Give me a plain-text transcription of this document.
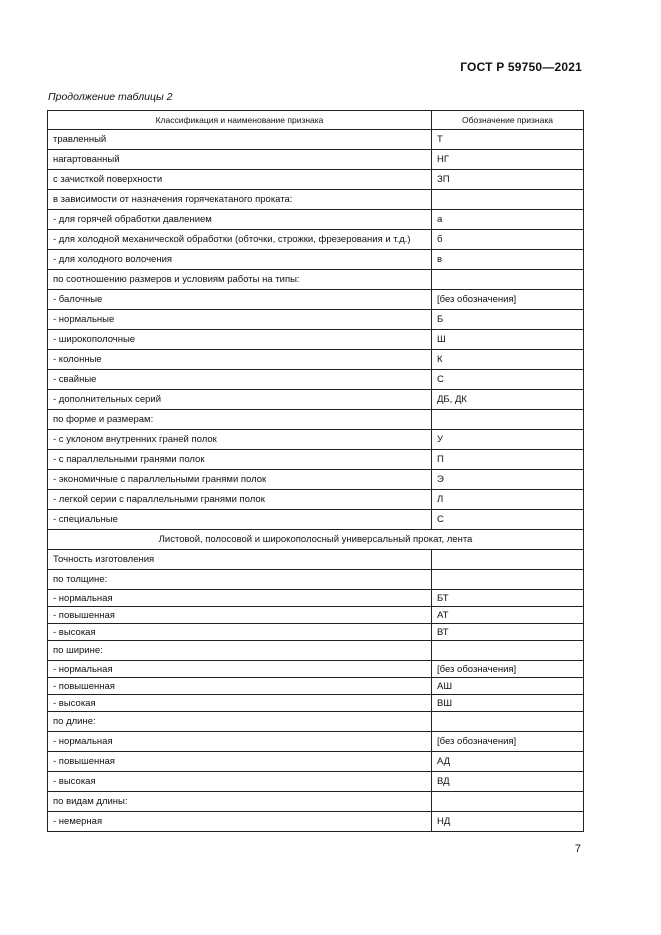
ГОСТ Р 59750—2021
Продолжение таблицы 2
Классификация и наименование признака	Обозначение признака
травленный	Т
нагартованный	НГ
с зачисткой поверхности	ЗП
в зависимости от назначения горячекатаного проката:	
- для горячей обработки давлением	а
- для холодной механической обработки (обточки, строжки, фрезерования и т.д.)	б
- для холодного волочения	в
по соотношению размеров и условиям работы на типы:	
- балочные	[без обозначения]
- нормальные	Б
- широкополочные	Ш
- колонные	К
- свайные	С
- дополнительных серий	ДБ, ДК
по форме и размерам:	
- с уклоном внутренних граней полок	У
- с параллельными гранями полок	П
- экономичные с параллельными гранями полок	Э
- легкой серии с параллельными гранями полок	Л
- специальные	С
Листовой, полосовой и широкополосный универсальный прокат, лента	
Точность изготовления	
по толщине:	
- нормальная	БТ
- повышенная	АТ
- высокая	ВТ
по ширине:	
- нормальная	[без обозначения]
- повышенная	АШ
- высокая	ВШ
по длине:	
- нормальная	[без обозначения]
- повышенная	АД
- высокая	ВД
по видам длины:	
- немерная	НД
7
